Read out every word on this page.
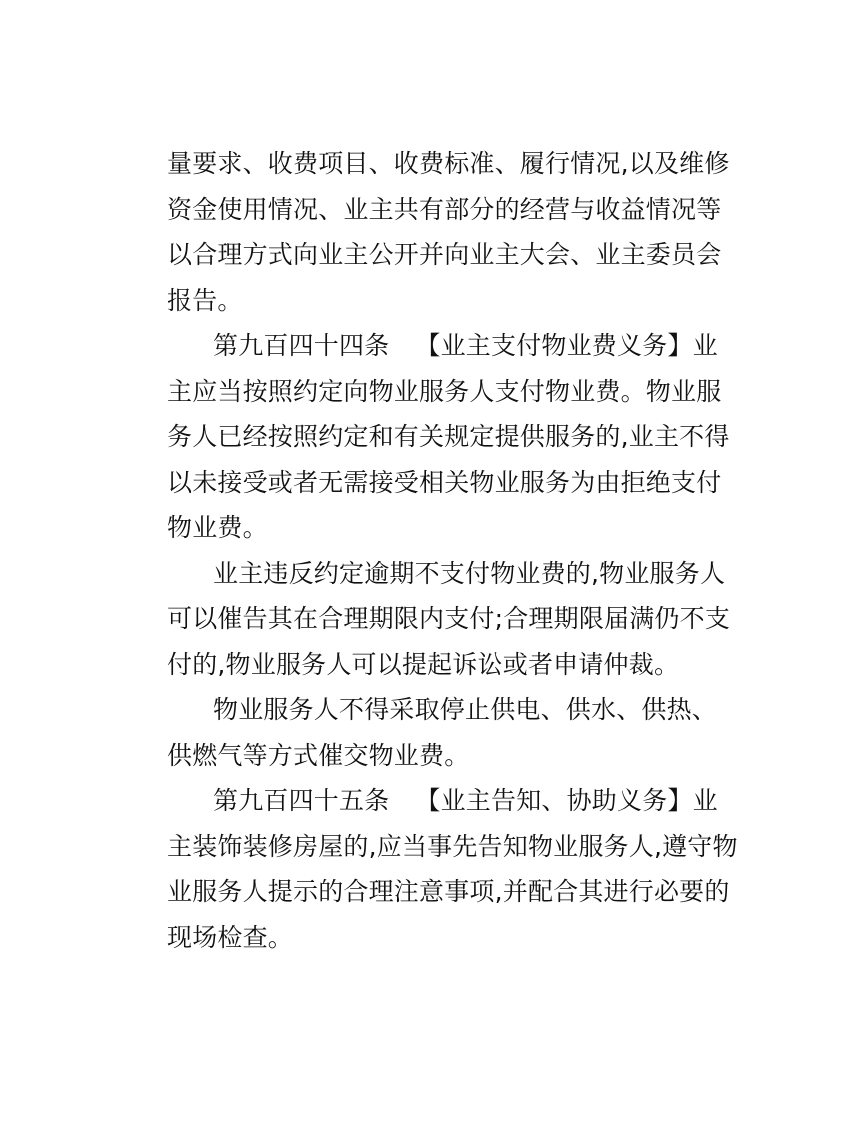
量要求、收费项目、收费标准、履行情况,以及维修
资金使用情况、业主共有部分的经营与收益情况等
以合理方式向业主公开并向业主大会、业主委员会
报告。
第九百四十四条 【业主支付物业费义务】业
主应当按照约定向物业服务人支付物业费。物业服
务人已经按照约定和有关规定提供服务的,业主不得
以未接受或者无需接受相关物业服务为由拒绝支付
物业费。
业主违反约定逾期不支付物业费的,物业服务人
可以催告其在合理期限内支付;合理期限届满仍不支
付的,物业服务人可以提起诉讼或者申请仲裁。
物业服务人不得采取停止供电、供水、供热、
供燃气等方式催交物业费。
第九百四十五条 【业主告知、协助义务】业
主装饰装修房屋的,应当事先告知物业服务人,遵守物
业服务人提示的合理注意事项,并配合其进行必要的
现场检查。
